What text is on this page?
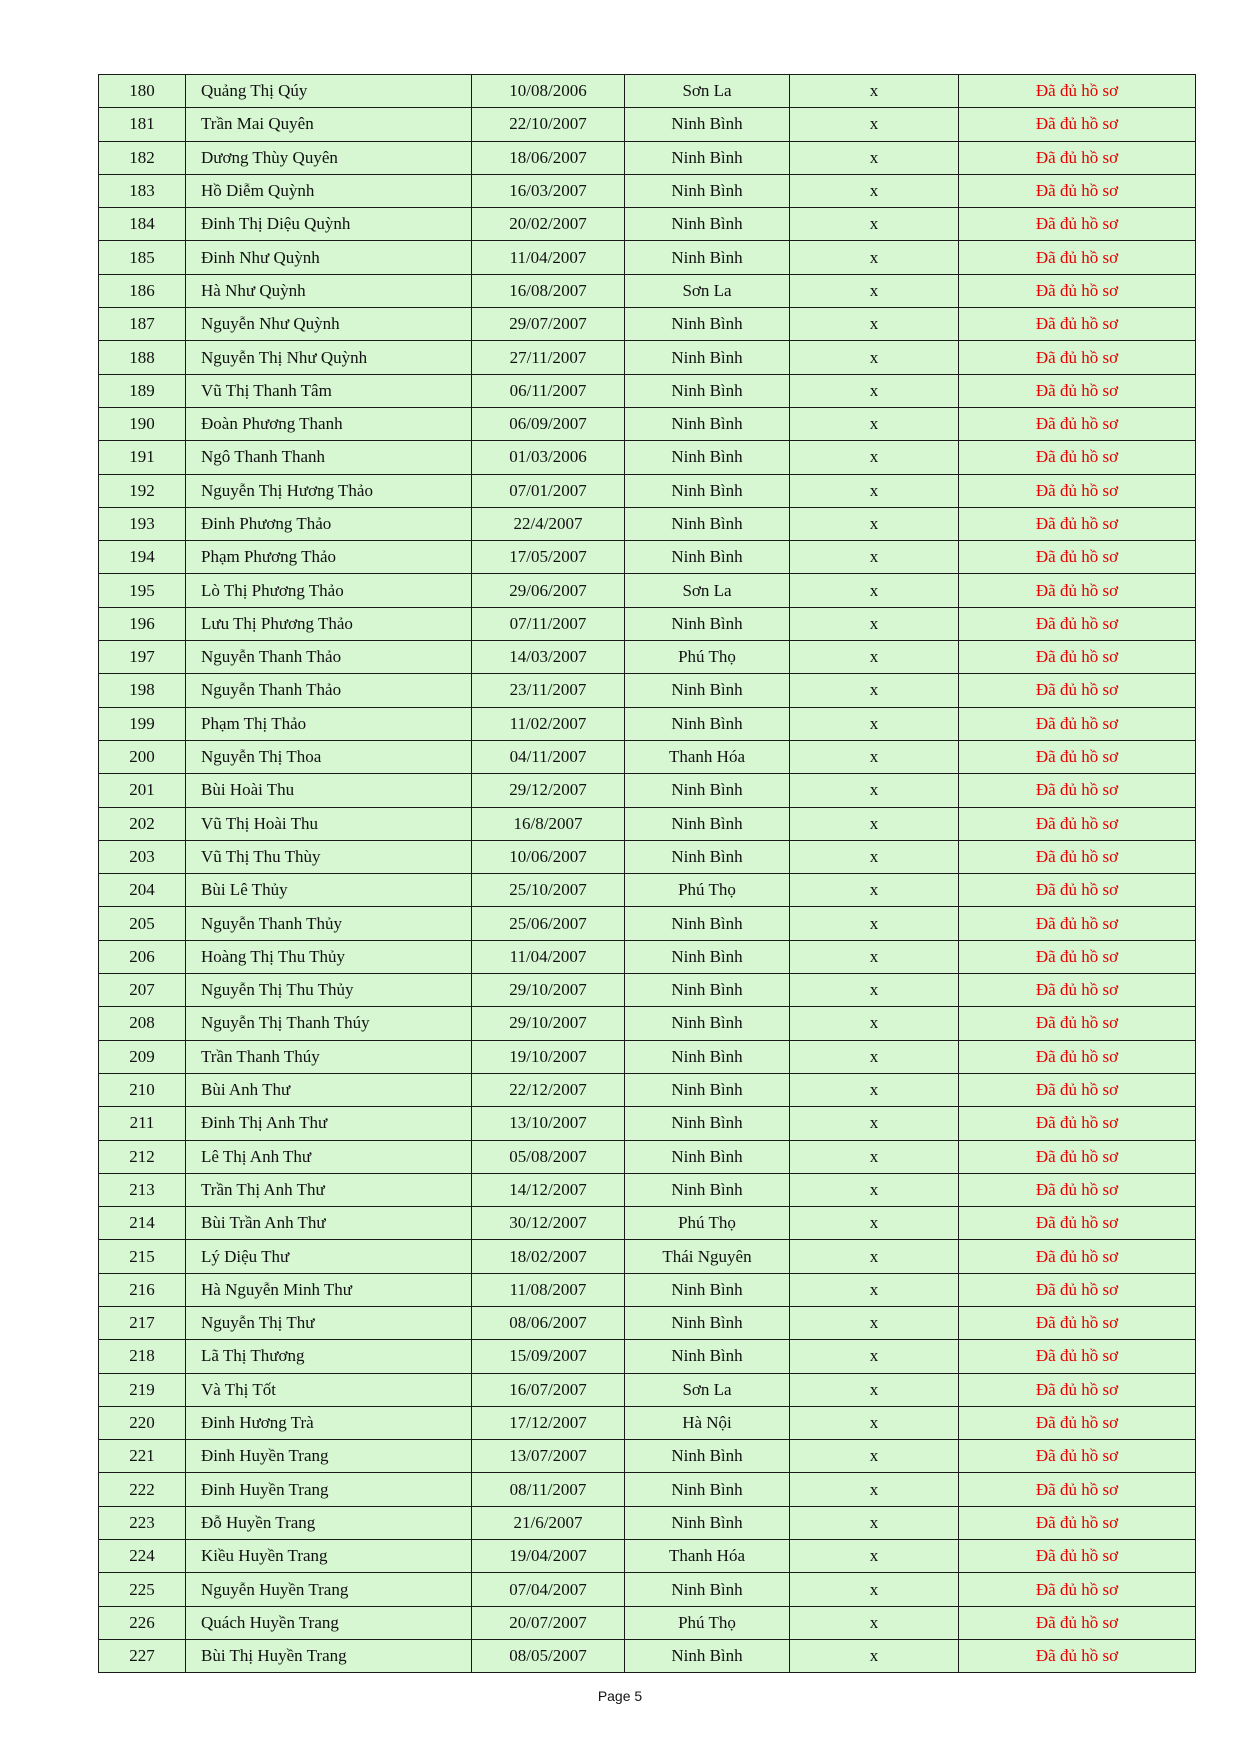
180	Quảng Thị Qúy	10/08/2006	Sơn La	x	Đã đủ hồ sơ
181	Trần Mai Quyên	22/10/2007	Ninh Bình	x	Đã đủ hồ sơ
182	Dương Thùy Quyên	18/06/2007	Ninh Bình	x	Đã đủ hồ sơ
183	Hồ Diễm Quỳnh	16/03/2007	Ninh Bình	x	Đã đủ hồ sơ
184	Đinh Thị Diệu Quỳnh	20/02/2007	Ninh Bình	x	Đã đủ hồ sơ
185	Đinh Như Quỳnh	11/04/2007	Ninh Bình	x	Đã đủ hồ sơ
186	Hà Như Quỳnh	16/08/2007	Sơn La	x	Đã đủ hồ sơ
187	Nguyễn Như Quỳnh	29/07/2007	Ninh Bình	x	Đã đủ hồ sơ
188	Nguyễn Thị Như Quỳnh	27/11/2007	Ninh Bình	x	Đã đủ hồ sơ
189	Vũ Thị Thanh Tâm	06/11/2007	Ninh Bình	x	Đã đủ hồ sơ
190	Đoàn Phương Thanh	06/09/2007	Ninh Bình	x	Đã đủ hồ sơ
191	Ngô Thanh Thanh	01/03/2006	Ninh Bình	x	Đã đủ hồ sơ
192	Nguyễn Thị Hương Thảo	07/01/2007	Ninh Bình	x	Đã đủ hồ sơ
193	Đinh Phương Thảo	22/4/2007	Ninh Bình	x	Đã đủ hồ sơ
194	Phạm Phương Thảo	17/05/2007	Ninh Bình	x	Đã đủ hồ sơ
195	Lò Thị Phương Thảo	29/06/2007	Sơn La	x	Đã đủ hồ sơ
196	Lưu Thị Phương Thảo	07/11/2007	Ninh Bình	x	Đã đủ hồ sơ
197	Nguyễn Thanh Thảo	14/03/2007	Phú Thọ	x	Đã đủ hồ sơ
198	Nguyễn Thanh Thảo	23/11/2007	Ninh Bình	x	Đã đủ hồ sơ
199	Phạm Thị Thảo	11/02/2007	Ninh Bình	x	Đã đủ hồ sơ
200	Nguyễn Thị Thoa	04/11/2007	Thanh Hóa	x	Đã đủ hồ sơ
201	Bùi Hoài Thu	29/12/2007	Ninh Bình	x	Đã đủ hồ sơ
202	Vũ Thị Hoài Thu	16/8/2007	Ninh Bình	x	Đã đủ hồ sơ
203	Vũ Thị Thu Thùy	10/06/2007	Ninh Bình	x	Đã đủ hồ sơ
204	Bùi Lê Thủy	25/10/2007	Phú Thọ	x	Đã đủ hồ sơ
205	Nguyễn Thanh Thủy	25/06/2007	Ninh Bình	x	Đã đủ hồ sơ
206	Hoàng Thị Thu Thủy	11/04/2007	Ninh Bình	x	Đã đủ hồ sơ
207	Nguyễn Thị Thu Thủy	29/10/2007	Ninh Bình	x	Đã đủ hồ sơ
208	Nguyễn Thị Thanh Thúy	29/10/2007	Ninh Bình	x	Đã đủ hồ sơ
209	Trần Thanh Thúy	19/10/2007	Ninh Bình	x	Đã đủ hồ sơ
210	Bùi Anh Thư	22/12/2007	Ninh Bình	x	Đã đủ hồ sơ
211	Đinh Thị Anh Thư	13/10/2007	Ninh Bình	x	Đã đủ hồ sơ
212	Lê Thị Anh Thư	05/08/2007	Ninh Bình	x	Đã đủ hồ sơ
213	Trần Thị Anh Thư	14/12/2007	Ninh Bình	x	Đã đủ hồ sơ
214	Bùi Trần Anh Thư	30/12/2007	Phú Thọ	x	Đã đủ hồ sơ
215	Lý Diệu Thư	18/02/2007	Thái Nguyên	x	Đã đủ hồ sơ
216	Hà Nguyễn Minh Thư	11/08/2007	Ninh Bình	x	Đã đủ hồ sơ
217	Nguyễn Thị Thư	08/06/2007	Ninh Bình	x	Đã đủ hồ sơ
218	Lã Thị Thương	15/09/2007	Ninh Bình	x	Đã đủ hồ sơ
219	Và Thị Tốt	16/07/2007	Sơn La	x	Đã đủ hồ sơ
220	Đinh Hương Trà	17/12/2007	Hà Nội	x	Đã đủ hồ sơ
221	Đinh Huyền Trang	13/07/2007	Ninh Bình	x	Đã đủ hồ sơ
222	Đinh Huyền Trang	08/11/2007	Ninh Bình	x	Đã đủ hồ sơ
223	Đỗ Huyền Trang	21/6/2007	Ninh Bình	x	Đã đủ hồ sơ
224	Kiều Huyền Trang	19/04/2007	Thanh Hóa	x	Đã đủ hồ sơ
225	Nguyễn Huyền Trang	07/04/2007	Ninh Bình	x	Đã đủ hồ sơ
226	Quách Huyền Trang	20/07/2007	Phú Thọ	x	Đã đủ hồ sơ
227	Bùi Thị Huyền Trang	08/05/2007	Ninh Bình	x	Đã đủ hồ sơ
Page 5
